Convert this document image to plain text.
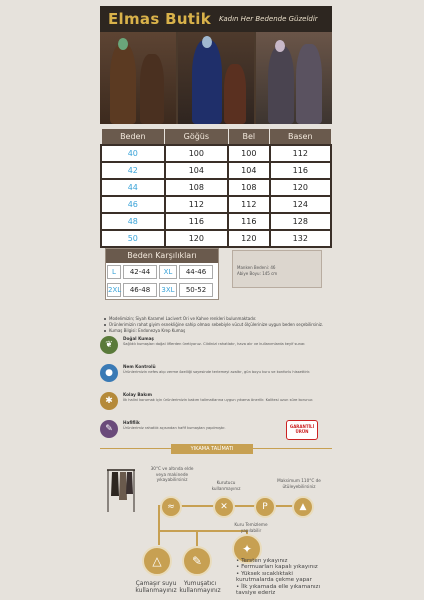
Elmas Butik Kadın Her Bedende Güzeldir
Beden	Göğüs	Bel	Basen
40	100	100	112
42	104	104	116
44	108	108	120
46	112	112	124
48	116	116	128
50	120	120	132
Beden Karşılıkları
L	42-44	XL	44-46
2XL	46-48	3XL	50-52
Manken Bedeni: 46
Abiye Boyu: 145 cm
Modelimizin; Siyah Karamel Lacivert Ori ve Kahve renkleri bulunmaktadır.
Ürünlerimizin rahat giyim esnekliğine sahip olması sebebiyle vücut ölçülerinize uygun beden seçebilirsiniz.
Kumaş Bilgisi: Endonezya Krep Kumaş
❦
Doğal Kumaş
Sağlıklı kumaşları doğal liflerden üretiyoruz. Cildinizi rahatlatır, hava alır ve kullanımlarda keyif sunar.
●
Nem Kontrolü
Ürünlerimizin nefes alıp verme özelliği sayesinde terlemeyi azaltır, gün boyu kuru ve konforlu hissettirir.
✱
Kolay Bakım
İlk halini korumak için ürünlerimizin bakım talimatlarına uygun yıkama önerilir. Kalitesi uzun süre korunur.
✎
Hafiflik
Ürünlerimiz rahatlık açısından hafif kumaştan yapılmıştır.	GARANTİLİ
ÜRÜN
YIKAMA TALİMATI
30°C ve altında elde veya makinede yıkayabilirsiniz
≈
Kurutucu kullanmayınız
✕	P
Maksimum 110°C de ütüleyebilirsiniz
▲
Kuru Temizleme yapılabilir
△	✎
✦
Çamaşır suyu kullanmayınız
Yumuşatıcı kullanmayınız
• Tersten yıkayınız
• Fermuarları kapalı yıkayınız
• Yüksek sıcaklıktaki kurutmalarda çekme yapar
• İlk yıkamada elle yıkamanızı tavsiye ederiz
